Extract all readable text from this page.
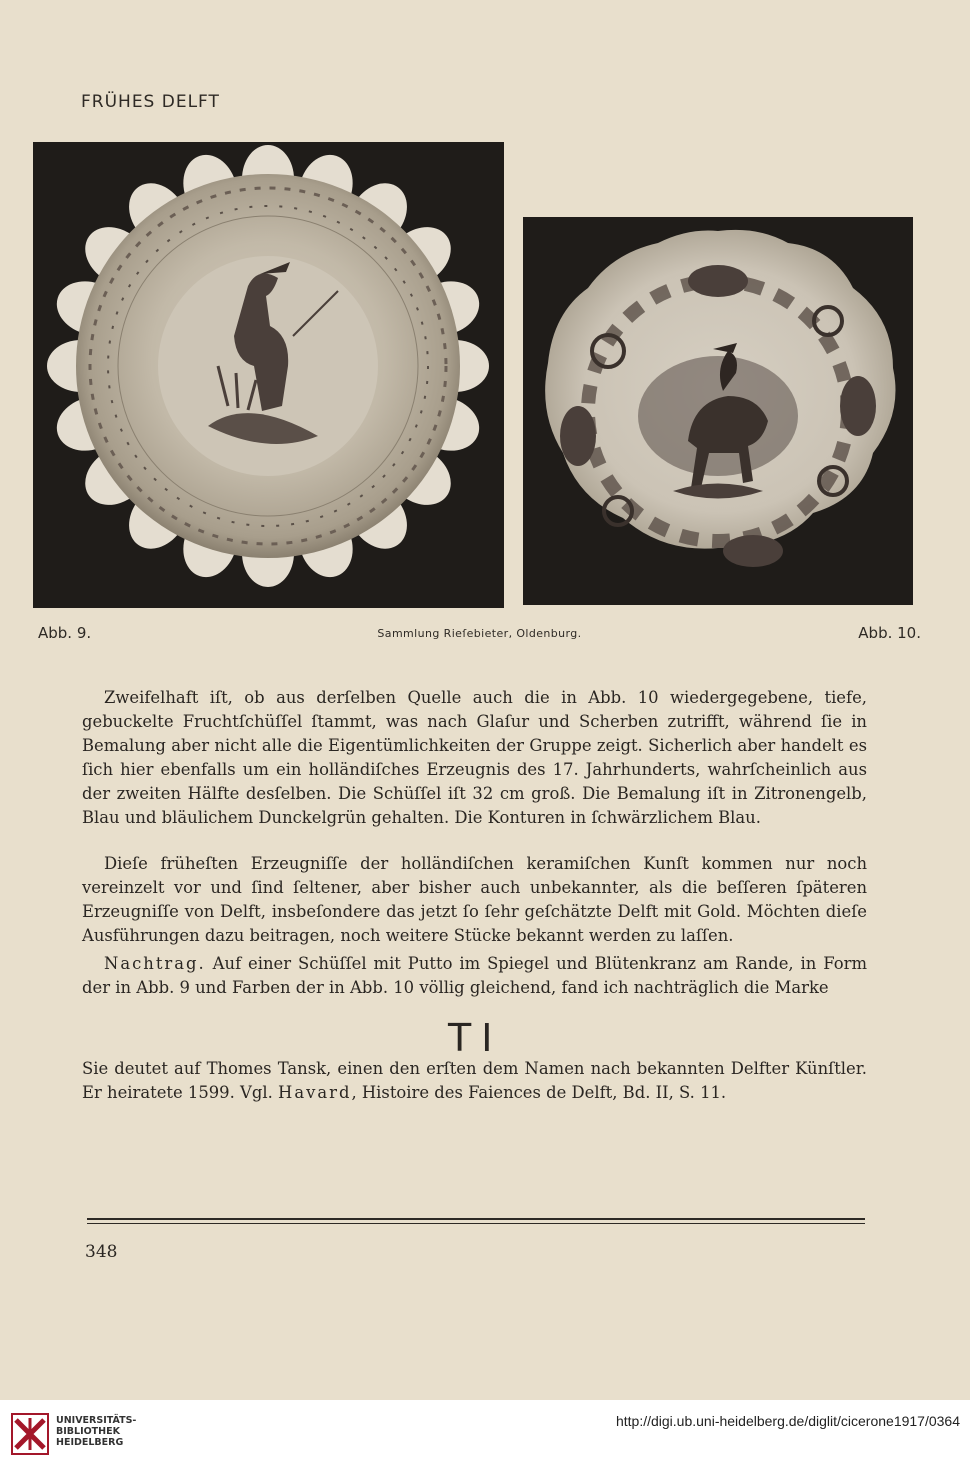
FRÜHES DELFT
Abb. 9.	Sammlung Rieſebieter, Oldenburg.	Abb. 10.

Zweifelhaft iſt, ob aus derſelben Quelle auch die in Abb. 10 wiedergegebene, tiefe, gebuckelte Fruchtſchüſſel ſtammt, was nach Glaſur und Scherben zutrifft, während ſie in Bemalung aber nicht alle die Eigentümlichkeiten der Gruppe zeigt. Sicherlich aber handelt es ſich hier ebenfalls um ein holländiſches Erzeugnis des 17. Jahrhunderts, wahrſcheinlich aus der zweiten Hälfte desſelben. Die Schüſſel iſt 32 cm groß. Die Bemalung iſt in Zitronengelb, Blau und bläulichem Dunckelgrün gehalten. Die Konturen in ſchwärzlichem Blau.

Dieſe früheſten Erzeugniſſe der holländiſchen keramiſchen Kunſt kommen nur noch vereinzelt vor und ſind ſeltener, aber bisher auch unbekannter, als die beſſeren ſpäteren Erzeugniſſe von Delft, insbeſondere das jetzt ſo ſehr geſchätzte Delft mit Gold. Möchten dieſe Ausführungen dazu beitragen, noch weitere Stücke bekannt werden zu laſſen.

Nachtrag. Auf einer Schüſſel mit Putto im Spiegel und Blütenkranz am Rande, in Form der in Abb. 9 und Farben der in Abb. 10 völlig gleichend, fand ich nachträglich die Marke

TI

Sie deutet auf Thomes Tansk, einen den erſten dem Namen nach bekannten Delfter Künſtler. Er heiratete 1599. Vgl. Havard, Histoire des Faiences de Delft, Bd. II, S. 11.

348
UNIVERSITÄTS-
BIBLIOTHEK
HEIDELBERG
http://digi.ub.uni-heidelberg.de/diglit/cicerone1917/0364
